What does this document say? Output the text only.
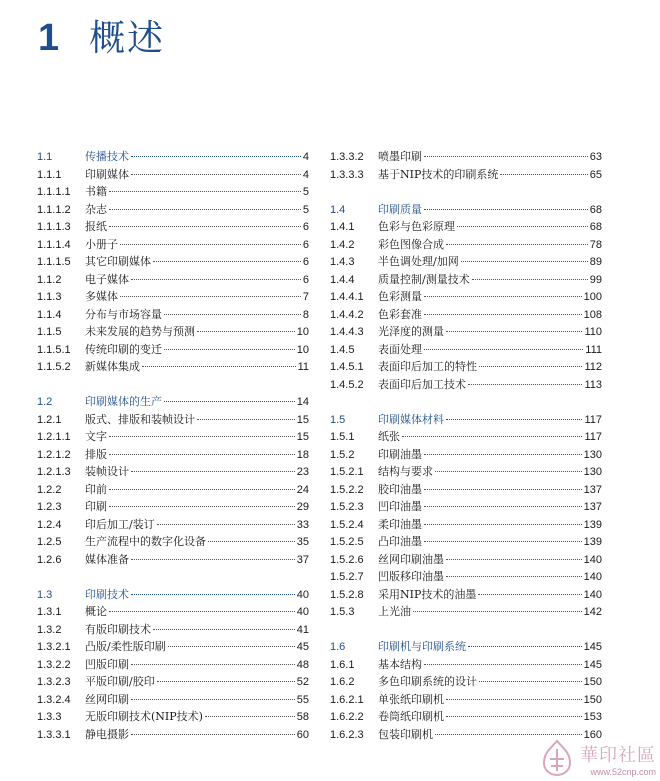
1 概述
1.1	传播技术	4
1.1.1	印刷媒体	4
1.1.1.1	书籍	5
1.1.1.2	杂志	5
1.1.1.3	报纸	6
1.1.1.4	小册子	6
1.1.1.5	其它印刷媒体	6
1.1.2	电子媒体	6
1.1.3	多媒体	7
1.1.4	分布与市场容量	8
1.1.5	未来发展的趋势与预测	10
1.1.5.1	传统印刷的变迁	10
1.1.5.2	新媒体集成	11
1.2	印刷媒体的生产	14
1.2.1	版式、排版和装帧设计	15
1.2.1.1	文字	15
1.2.1.2	排版	18
1.2.1.3	装帧设计	23
1.2.2	印前	24
1.2.3	印刷	29
1.2.4	印后加工/装订	33
1.2.5	生产流程中的数字化设备	35
1.2.6	媒体准备	37
1.3	印刷技术	40
1.3.1	概论	40
1.3.2	有版印刷技术	41
1.3.2.1	凸版/柔性版印刷	45
1.3.2.2	凹版印刷	48
1.3.2.3	平版印刷/胶印	52
1.3.2.4	丝网印刷	55
1.3.3	无版印刷技术(NIP技术)	58
1.3.3.1	静电摄影	60
1.3.3.2	喷墨印刷	63
1.3.3.3	基于NIP技术的印刷系统	65
1.4	印刷质量	68
1.4.1	色彩与色彩原理	68
1.4.2	彩色图像合成	78
1.4.3	半色调处理/加网	89
1.4.4	质量控制/测量技术	99
1.4.4.1	色彩测量	100
1.4.4.2	色彩套准	108
1.4.4.3	光泽度的测量	110
1.4.5	表面处理	111
1.4.5.1	表面印后加工的特性	112
1.4.5.2	表面印后加工技术	113
1.5	印刷媒体材料	117
1.5.1	纸张	117
1.5.2	印刷油墨	130
1.5.2.1	结构与要求	130
1.5.2.2	胶印油墨	137
1.5.2.3	凹印油墨	137
1.5.2.4	柔印油墨	139
1.5.2.5	凸印油墨	139
1.5.2.6	丝网印刷油墨	140
1.5.2.7	凹版移印油墨	140
1.5.2.8	采用NIP技术的油墨	140
1.5.3	上光油	142
1.6	印刷机与印刷系统	145
1.6.1	基本结构	145
1.6.2	多色印刷系统的设计	150
1.6.2.1	单张纸印刷机	150
1.6.2.2	卷筒纸印刷机	153
1.6.2.3	包装印刷机	160
華印社區
www.52cnp.com
